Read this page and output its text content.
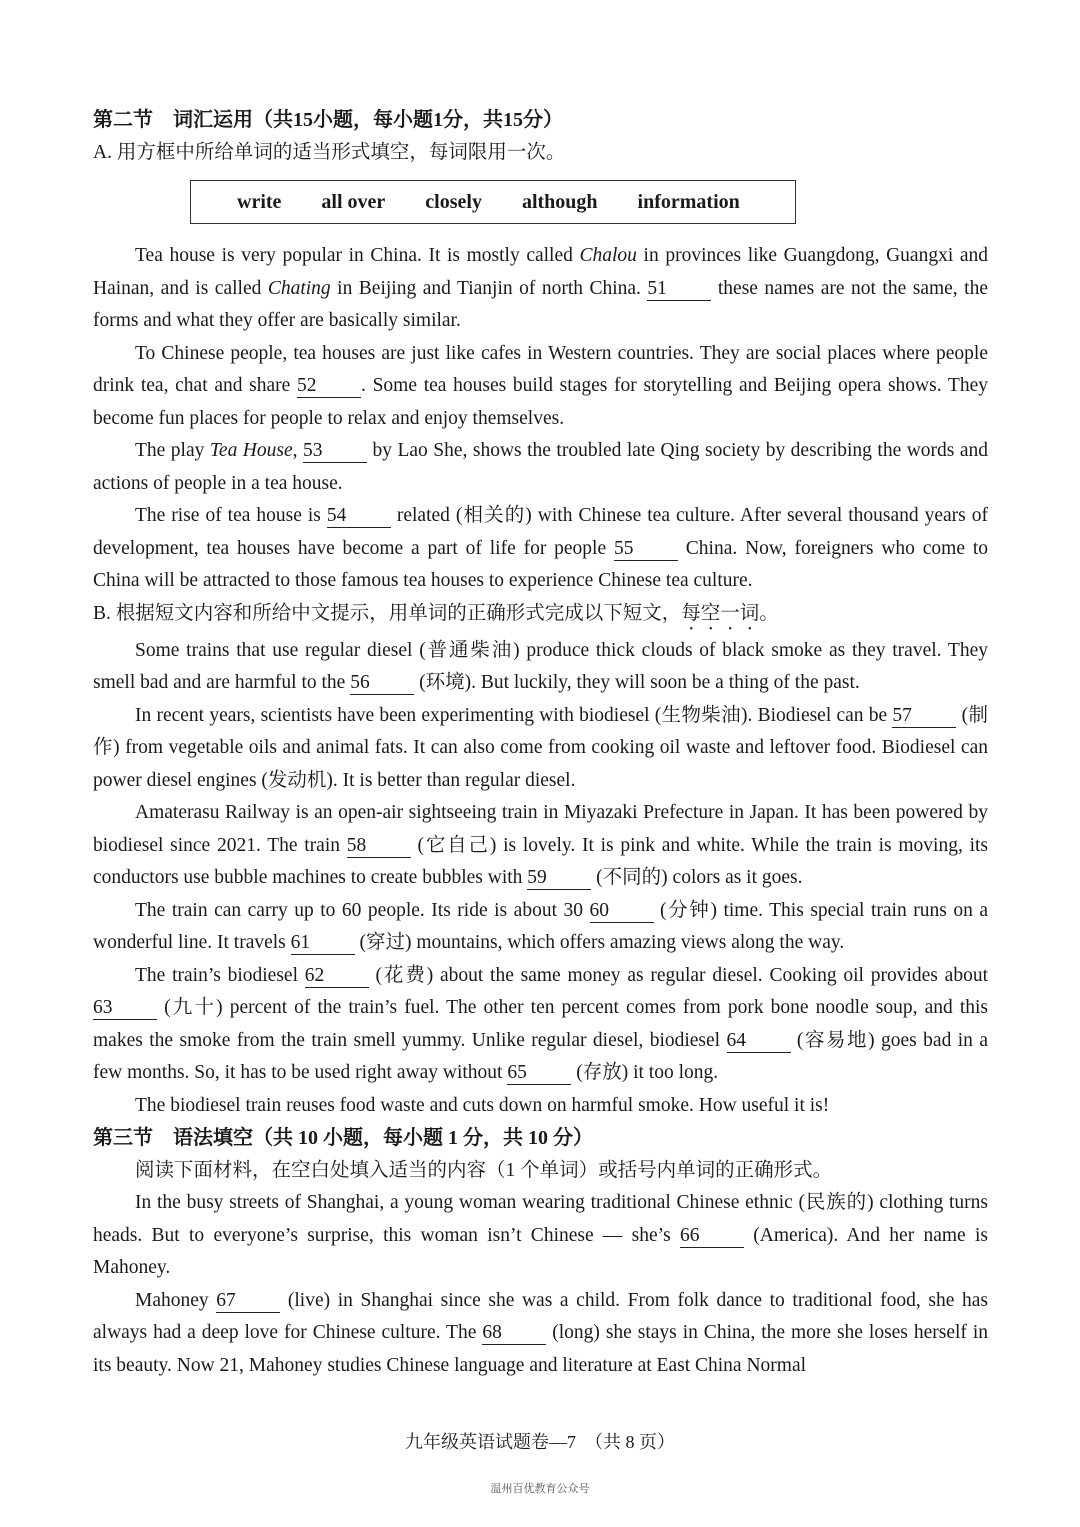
第二节　词汇运用（共15小题，每小题1分，共15分）

A. 用方框中所给单词的适当形式填空，每词限用一次。

write all over closely although information

Tea house is very popular in China. It is mostly called Chalou in provinces like Guangdong, Guangxi and Hainan, and is called Chating in Beijing and Tianjin of north China. 51 these names are not the same, the forms and what they offer are basically similar.

To Chinese people, tea houses are just like cafes in Western countries. They are social places where people drink tea, chat and share 52 . Some tea houses build stages for storytelling and Beijing opera shows. They become fun places for people to relax and enjoy themselves.

The play Tea House, 53 by Lao She, shows the troubled late Qing society by describing the words and actions of people in a tea house.

The rise of tea house is 54 related (相关的) with Chinese tea culture. After several thousand years of development, tea houses have become a part of life for people 55 China. Now, foreigners who come to China will be attracted to those famous tea houses to experience Chinese tea culture.

B. 根据短文内容和所给中文提示，用单词的正确形式完成以下短文，每空一词。

Some trains that use regular diesel (普通柴油) produce thick clouds of black smoke as they travel. They smell bad and are harmful to the 56 (环境). But luckily, they will soon be a thing of the past.

In recent years, scientists have been experimenting with biodiesel (生物柴油). Biodiesel can be 57 (制作) from vegetable oils and animal fats. It can also come from cooking oil waste and leftover food. Biodiesel can power diesel engines (发动机). It is better than regular diesel.

Amaterasu Railway is an open-air sightseeing train in Miyazaki Prefecture in Japan. It has been powered by biodiesel since 2021. The train 58 (它自己) is lovely. It is pink and white. While the train is moving, its conductors use bubble machines to create bubbles with 59 (不同的) colors as it goes.

The train can carry up to 60 people. Its ride is about 30 60 (分钟) time. This special train runs on a wonderful line. It travels 61 (穿过) mountains, which offers amazing views along the way.

The train’s biodiesel 62 (花费) about the same money as regular diesel. Cooking oil provides about 63 (九十) percent of the train’s fuel. The other ten percent comes from pork bone noodle soup, and this makes the smoke from the train smell yummy. Unlike regular diesel, biodiesel 64 (容易地) goes bad in a few months. So, it has to be used right away without 65 (存放) it too long.

The biodiesel train reuses food waste and cuts down on harmful smoke. How useful it is!

第三节　语法填空（共 10 小题，每小题 1 分，共 10 分）

阅读下面材料，在空白处填入适当的内容（1 个单词）或括号内单词的正确形式。

In the busy streets of Shanghai, a young woman wearing traditional Chinese ethnic (民族的) clothing turns heads. But to everyone’s surprise, this woman isn’t Chinese — she’s 66 (America). And her name is Mahoney.

Mahoney 67 (live) in Shanghai since she was a child. From folk dance to traditional food, she has always had a deep love for Chinese culture. The 68 (long) she stays in China, the more she loses herself in its beauty. Now 21, Mahoney studies Chinese language and literature at East China Normal

九年级英语试题卷—7　（共 8 页）
温州百优教育公众号
